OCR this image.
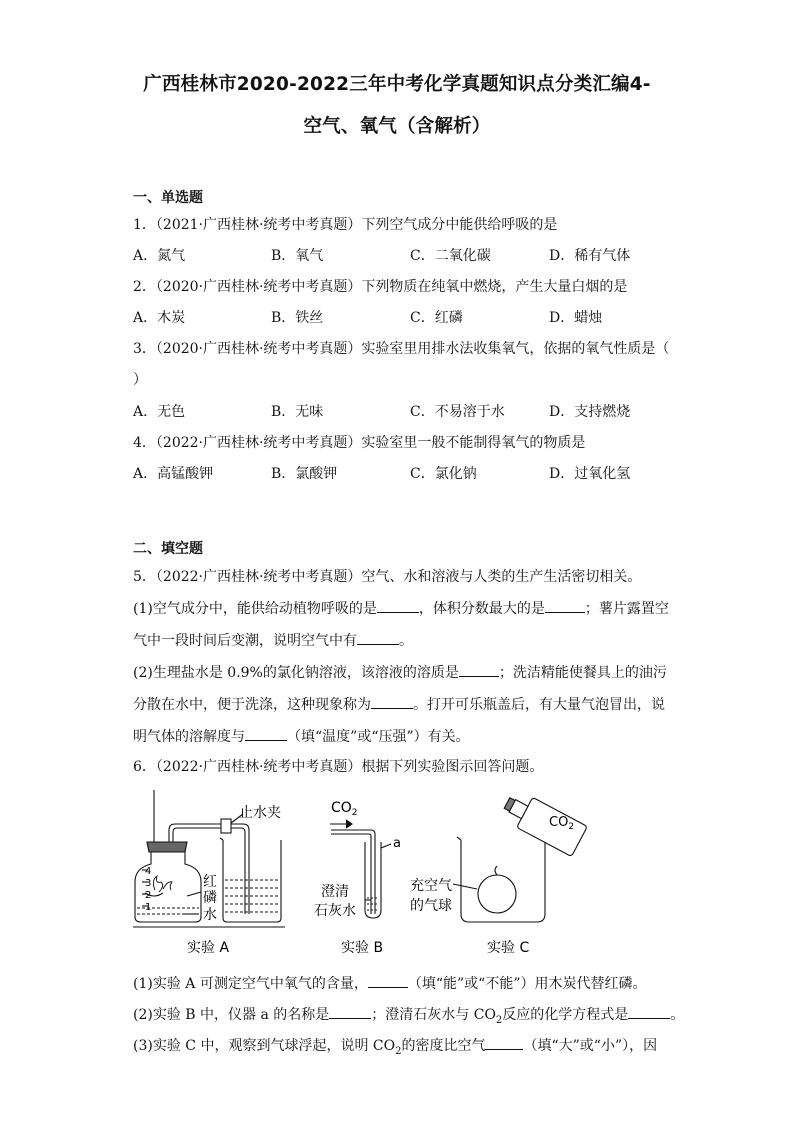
广西桂林市2020-2022三年中考化学真题知识点分类汇编4-
空气、氧气（含解析）
一、单选题
1．（2021·广西桂林·统考中考真题）下列空气成分中能供给呼吸的是
A．氮气	B．氧气	C．二氧化碳	D．稀有气体
2．（2020·广西桂林·统考中考真题）下列物质在纯氧中燃烧，产生大量白烟的是
A．木炭	B．铁丝	C．红磷	D．蜡烛
3．（2020·广西桂林·统考中考真题）实验室里用排水法收集氧气，依据的氧气性质是（
）
A．无色	B．无味	C．不易溶于水	D．支持燃烧
4．（2022·广西桂林·统考中考真题）实验室里一般不能制得氧气的物质是
A．高锰酸钾	B．氯酸钾	C．氯化钠	D．过氧化氢
二、填空题
5．（2022·广西桂林·统考中考真题）空气、水和溶液与人类的生产生活密切相关。
(1)空气成分中，能供给动植物呼吸的是	，体积分数最大的是	；薯片露置空
气中一段时间后变潮，说明空气中有	。
(2)生理盐水是 0.9%的氯化钠溶液，该溶液的溶质是	；洗洁精能使餐具上的油污
分散在水中，便于洗涤，这种现象称为	。打开可乐瓶盖后，有大量气泡冒出，说
明气体的溶解度与	（填“温度”或“压强”）有关。
6．（2022·广西桂林·统考中考真题）根据下列实验图示回答问题。
止水夹
4
3
2
1
红
磷
水
$CO_2$
a
澄清
石灰水
$CO_2$
充空气
的气球
实验 A	实验 B	实验 C
(1)实验 A 可测定空气中氧气的含量，	（填“能”或“不能”）用木炭代替红磷。
(2)实验 B 中，仪器 a 的名称是	；澄清石灰水与 $CO_2$反应的化学方程式是	。
(3)实验 C 中，观察到气球浮起，说明 $CO_2$的密度比空气	（填“大”或“小”），因
